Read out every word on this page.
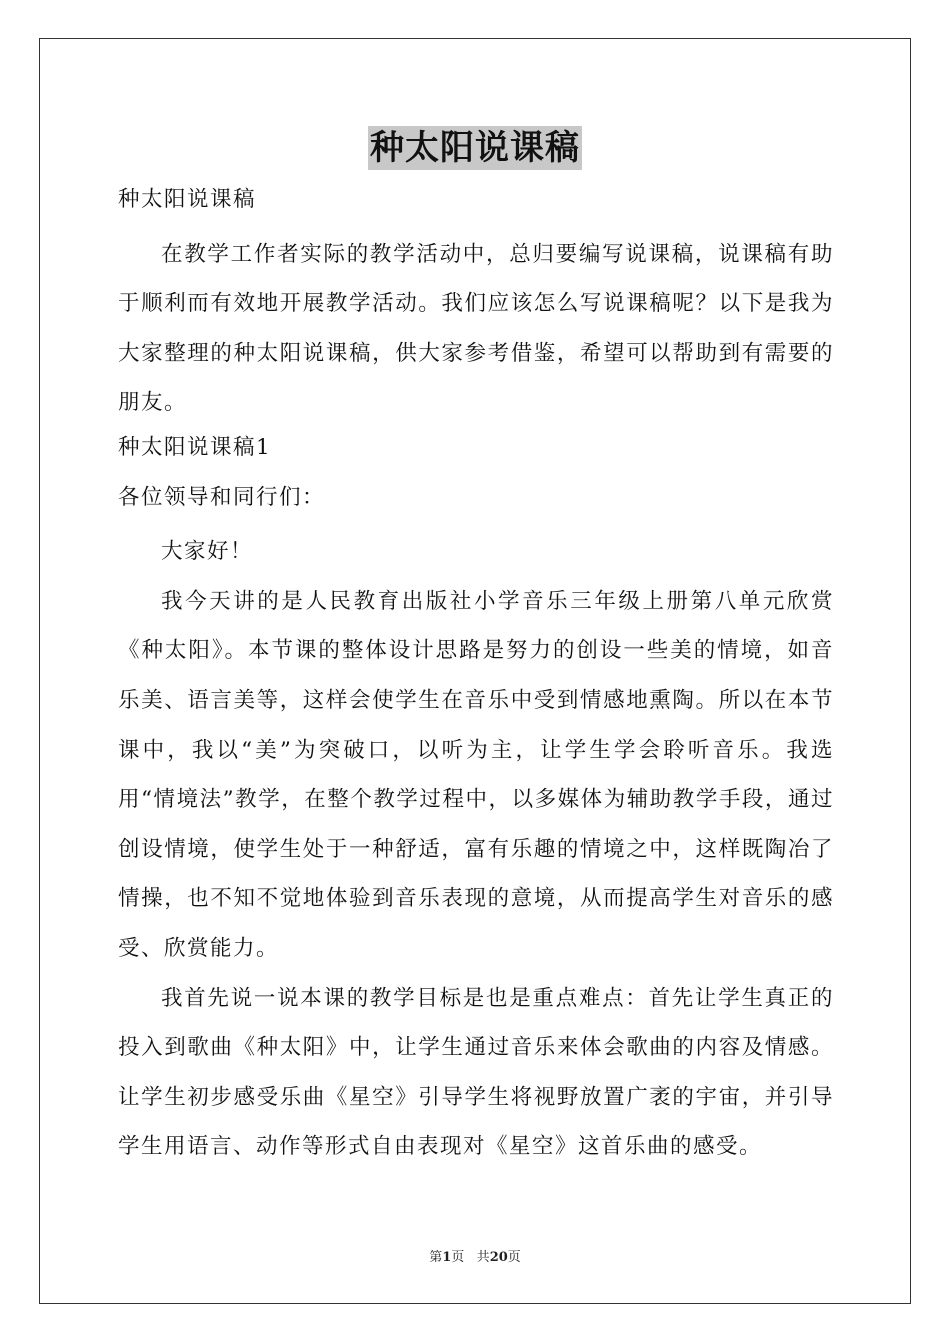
种太阳说课稿
种太阳说课稿

在教学工作者实际的教学活动中，总归要编写说课稿，说课稿有助于顺利而有效地开展教学活动。我们应该怎么写说课稿呢？以下是我为大家整理的种太阳说课稿，供大家参考借鉴，希望可以帮助到有需要的朋友。

种太阳说课稿1
各位领导和同行们：

大家好！

我今天讲的是人民教育出版社小学音乐三年级上册第八单元欣赏《种太阳》。本节课的整体设计思路是努力的创设一些美的情境，如音乐美、语言美等，这样会使学生在音乐中受到情感地熏陶。所以在本节课中，我以“美”为突破口，以听为主，让学生学会聆听音乐。我选用“情境法”教学，在整个教学过程中，以多媒体为辅助教学手段，通过创设情境，使学生处于一种舒适，富有乐趣的情境之中，这样既陶冶了情操，也不知不觉地体验到音乐表现的意境，从而提高学生对音乐的感受、欣赏能力。

我首先说一说本课的教学目标是也是重点难点：首先让学生真正的投入到歌曲《种太阳》中，让学生通过音乐来体会歌曲的内容及情感。让学生初步感受乐曲《星空》引导学生将视野放置广袤的宇宙，并引导学生用语言、动作等形式自由表现对《星空》这首乐曲的感受。

第1页 共20页
